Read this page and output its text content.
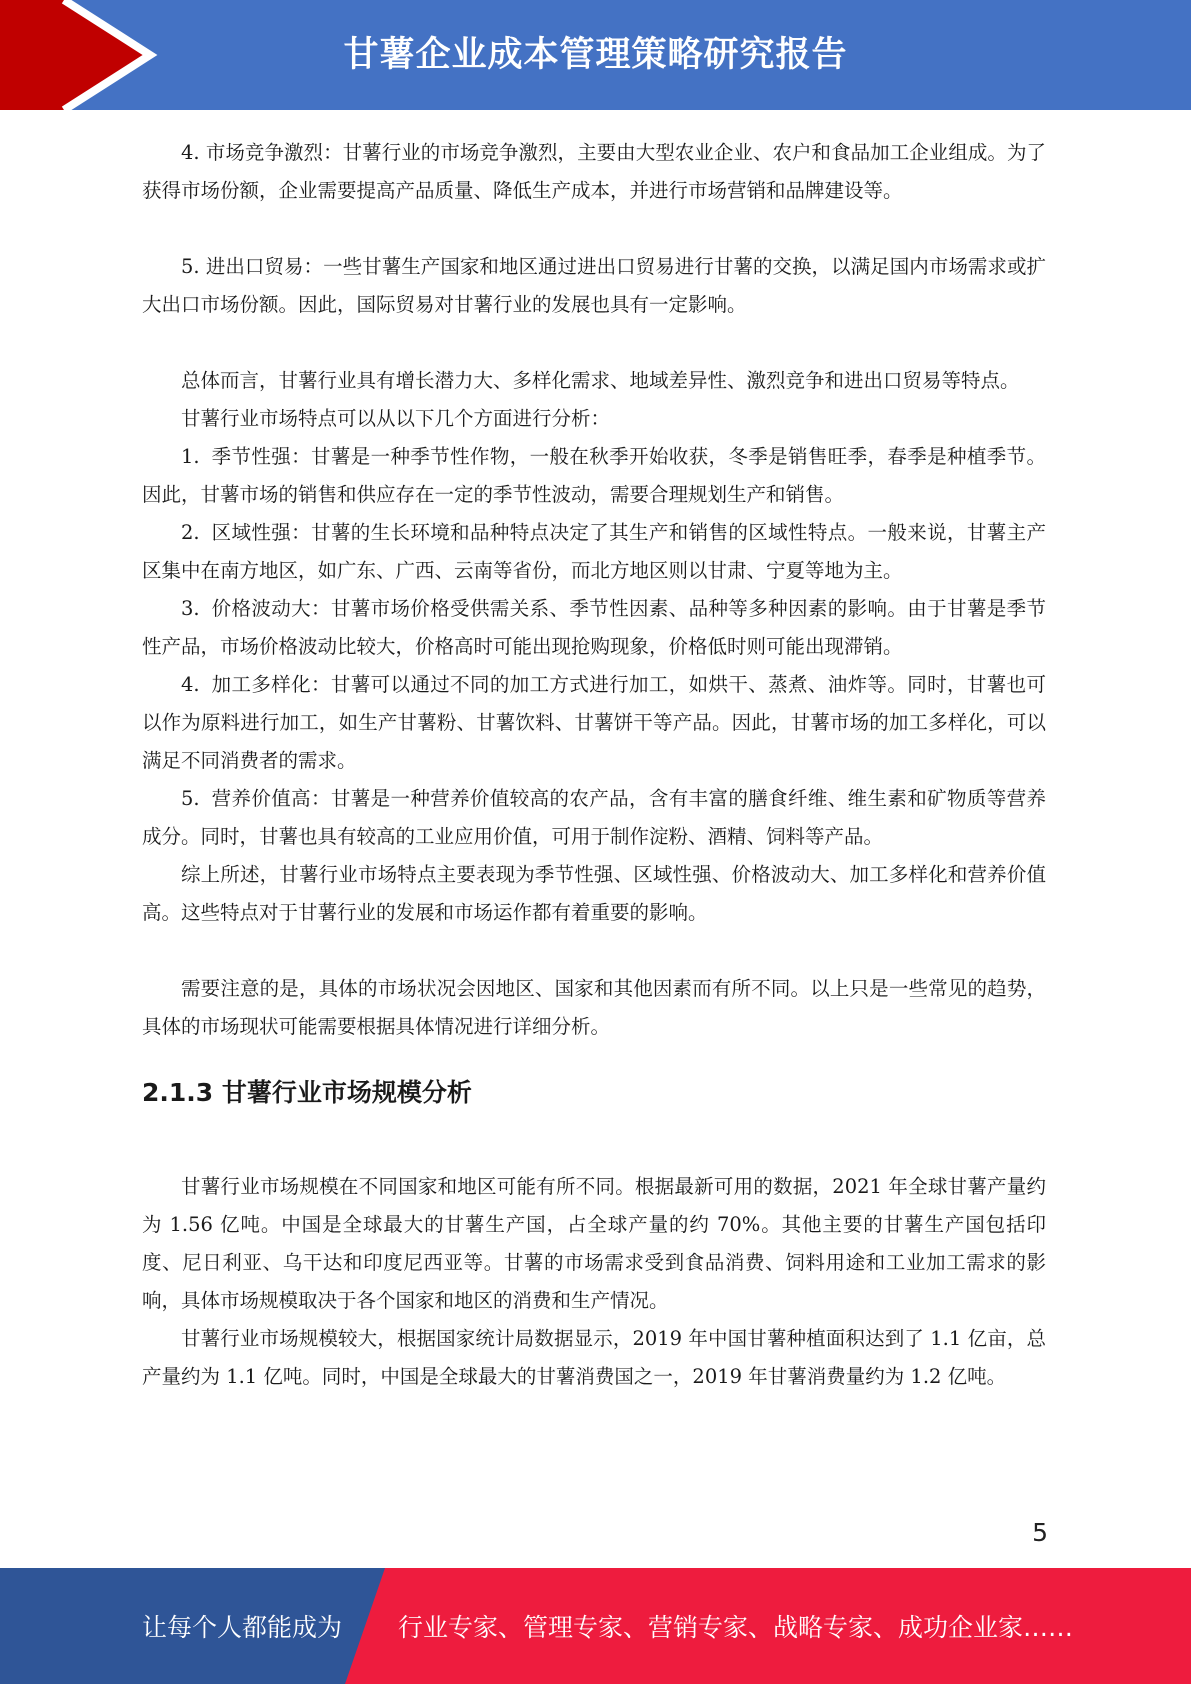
甘薯企业成本管理策略研究报告

4. 市场竞争激烈：甘薯行业的市场竞争激烈，主要由大型农业企业、农户和食品加工企业组成。为了获得市场份额，企业需要提高产品质量、降低生产成本，并进行市场营销和品牌建设等。

5. 进出口贸易：一些甘薯生产国家和地区通过进出口贸易进行甘薯的交换，以满足国内市场需求或扩大出口市场份额。因此，国际贸易对甘薯行业的发展也具有一定影响。

总体而言，甘薯行业具有增长潜力大、多样化需求、地域差异性、激烈竞争和进出口贸易等特点。

甘薯行业市场特点可以从以下几个方面进行分析：

1. 季节性强：甘薯是一种季节性作物，一般在秋季开始收获，冬季是销售旺季，春季是种植季节。因此，甘薯市场的销售和供应存在一定的季节性波动，需要合理规划生产和销售。

2. 区域性强：甘薯的生长环境和品种特点决定了其生产和销售的区域性特点。一般来说，甘薯主产区集中在南方地区，如广东、广西、云南等省份，而北方地区则以甘肃、宁夏等地为主。

3. 价格波动大：甘薯市场价格受供需关系、季节性因素、品种等多种因素的影响。由于甘薯是季节性产品，市场价格波动比较大，价格高时可能出现抢购现象，价格低时则可能出现滞销。

4. 加工多样化：甘薯可以通过不同的加工方式进行加工，如烘干、蒸煮、油炸等。同时，甘薯也可以作为原料进行加工，如生产甘薯粉、甘薯饮料、甘薯饼干等产品。因此，甘薯市场的加工多样化，可以满足不同消费者的需求。

5. 营养价值高：甘薯是一种营养价值较高的农产品，含有丰富的膳食纤维、维生素和矿物质等营养成分。同时，甘薯也具有较高的工业应用价值，可用于制作淀粉、酒精、饲料等产品。

综上所述，甘薯行业市场特点主要表现为季节性强、区域性强、价格波动大、加工多样化和营养价值高。这些特点对于甘薯行业的发展和市场运作都有着重要的影响。

需要注意的是，具体的市场状况会因地区、国家和其他因素而有所不同。以上只是一些常见的趋势，具体的市场现状可能需要根据具体情况进行详细分析。

2.1.3 甘薯行业市场规模分析

甘薯行业市场规模在不同国家和地区可能有所不同。根据最新可用的数据，2021 年全球甘薯产量约为 1.56 亿吨。中国是全球最大的甘薯生产国，占全球产量的约 70%。其他主要的甘薯生产国包括印度、尼日利亚、乌干达和印度尼西亚等。甘薯的市场需求受到食品消费、饲料用途和工业加工需求的影响，具体市场规模取决于各个国家和地区的消费和生产情况。

甘薯行业市场规模较大，根据国家统计局数据显示，2019 年中国甘薯种植面积达到了 1.1 亿亩，总产量约为 1.1 亿吨。同时，中国是全球最大的甘薯消费国之一，2019 年甘薯消费量约为 1.2 亿吨。

5
让每个人都能成为 行业专家、管理专家、营销专家、战略专家、成功企业家……
